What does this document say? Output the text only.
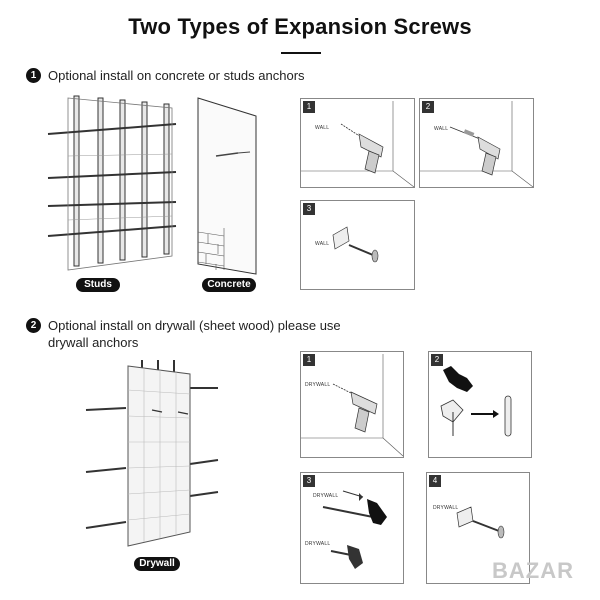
Two Types of Expansion Screws
1 Optional install on concrete or studs anchors
Studs	Concrete
1
WALL
2
WALL
3
WALL
2 Optional install on drywall (sheet wood) please use
drywall anchors
Drywall
1
DRYWALL
2
3
DRYWALL
DRYWALL
4
DRYWALL
BAZAR
